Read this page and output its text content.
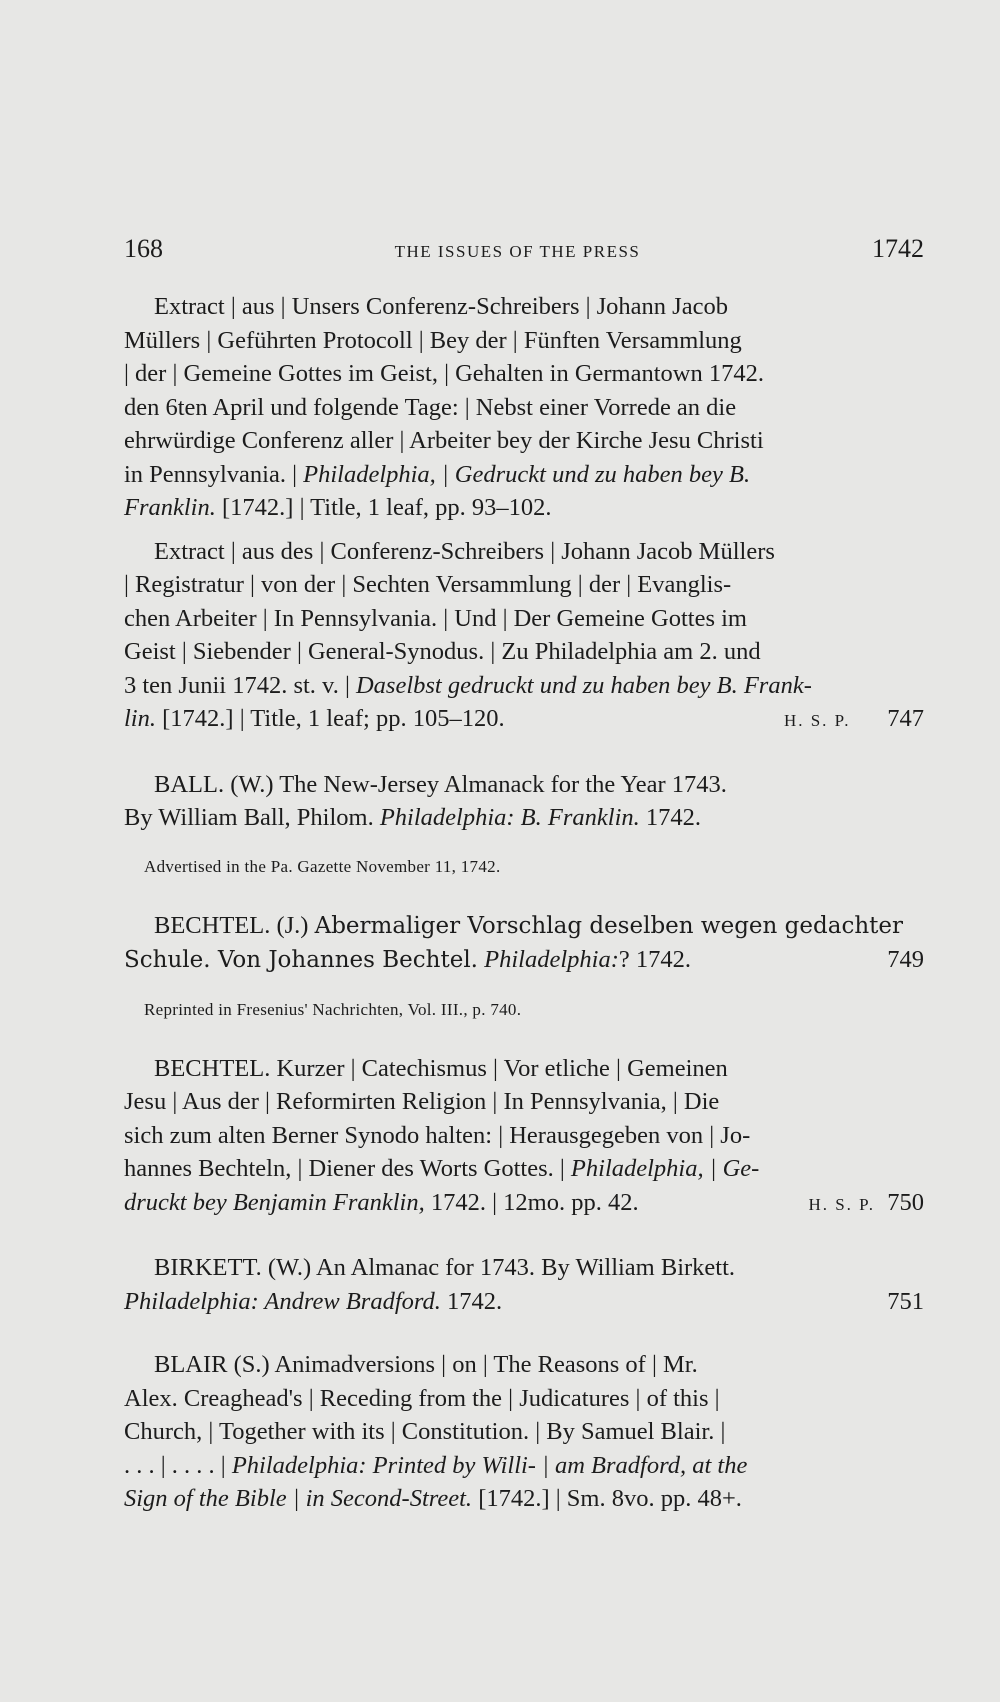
168	THE ISSUES OF THE PRESS	1742
Extract | aus | Unsers Conferenz-Schreibers | Johann Jacob
Müllers | Geführten Protocoll | Bey der | Fünften Versammlung
| der | Gemeine Gottes im Geist, | Gehalten in Germantown 1742.
den 6ten April und folgende Tage: | Nebst einer Vorrede an die
ehrwürdige Conferenz aller | Arbeiter bey der Kirche Jesu Christi
in Pennsylvania. | Philadelphia, | Gedruckt und zu haben bey B.
Franklin. [1742.] | Title, 1 leaf, pp. 93–102.
Extract | aus des | Conferenz-Schreibers | Johann Jacob Müllers
| Registratur | von der | Sechten Versammlung | der | Evanglis-
chen Arbeiter | In Pennsylvania. | Und | Der Gemeine Gottes im
Geist | Siebender | General-Synodus. | Zu Philadelphia am 2. und
3 ten Junii 1742. st. v. | Daselbst gedruckt und zu haben bey B. Frank-
lin. [1742.] | Title, 1 leaf; pp. 105–120.	H. S. P. 747
BALL. (W.) The New-Jersey Almanack for the Year 1743.
By William Ball, Philom. Philadelphia: B. Franklin. 1742.
Advertised in the Pa. Gazette November 11, 1742.
BECHTEL. (J.) Abermaliger Vorschlag deselben wegen gedachter
Schule. Von Johannes Bechtel. Philadelphia:? 1742.	749
Reprinted in Fresenius' Nachrichten, Vol. III., p. 740.
BECHTEL. Kurzer | Catechismus | Vor etliche | Gemeinen
Jesu | Aus der | Reformirten Religion | In Pennsylvania, | Die
sich zum alten Berner Synodo halten: | Herausgegeben von | Jo-
hannes Bechteln, | Diener des Worts Gottes. | Philadelphia, | Ge-
druckt bey Benjamin Franklin, 1742. | 12mo. pp. 42.	H. S. P. 750
BIRKETT. (W.) An Almanac for 1743. By William Birkett.
Philadelphia: Andrew Bradford. 1742.	751
BLAIR (S.) Animadversions | on | The Reasons of | Mr.
Alex. Creaghead's | Receding from the | Judicatures | of this |
Church, | Together with its | Constitution. | By Samuel Blair. |
. . . | . . . . | Philadelphia: Printed by Willi- | am Bradford, at the
Sign of the Bible | in Second-Street. [1742.] | Sm. 8vo. pp. 48+.
